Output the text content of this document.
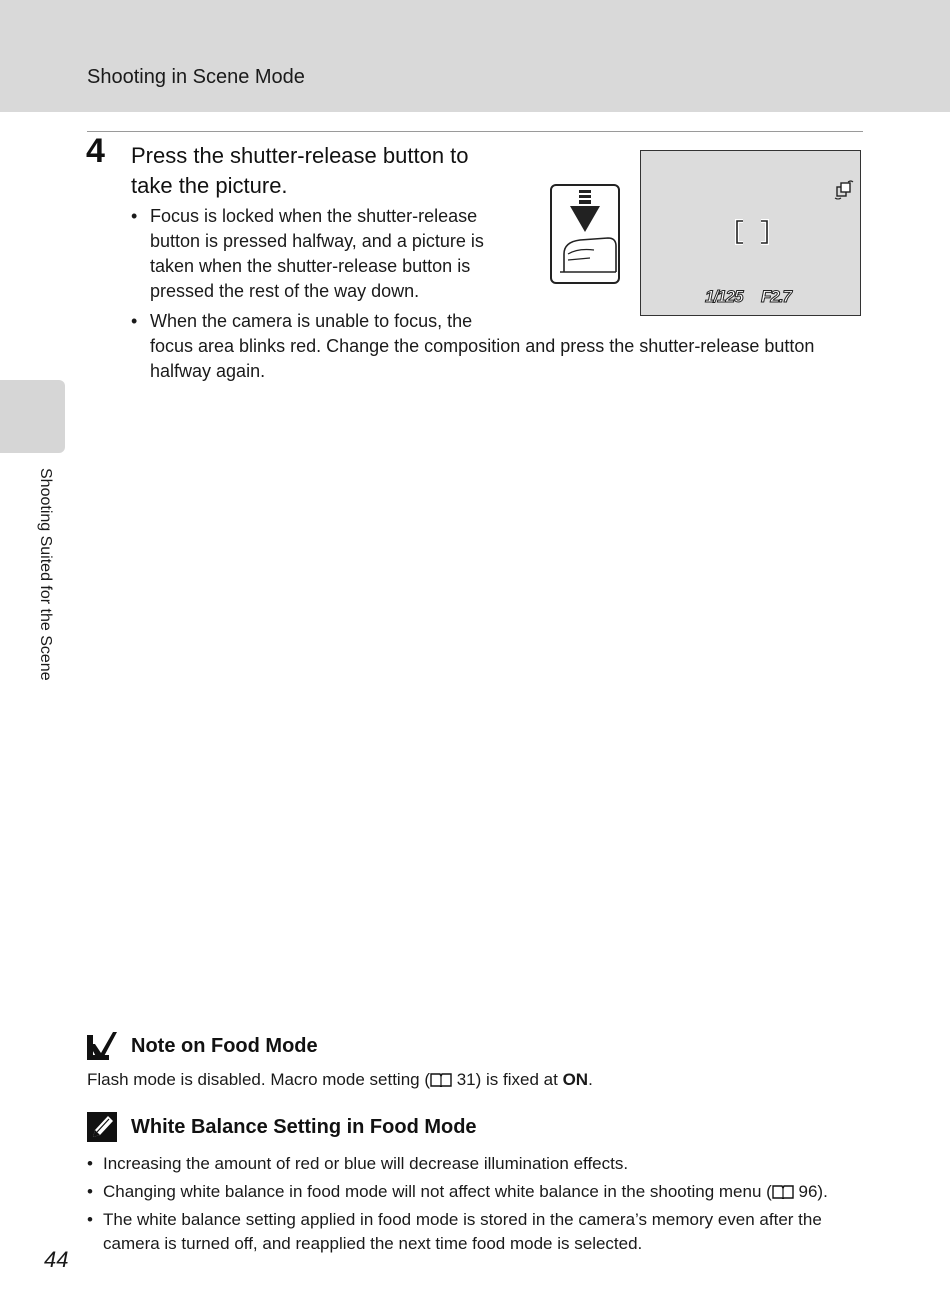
Shooting in Scene Mode
Shooting Suited for the Scene
4 Press the shutter-release button to
take the picture.
• Focus is locked when the shutter-release
button is pressed halfway, and a picture is
taken when the shutter-release button is
pressed the rest of the way down.
• When the camera is unable to focus, the
focus area blinks red. Change the composition and press the shutter-release button
halfway again.
1/125 F2.7
Note on Food Mode
Flash mode is disabled. Macro mode setting ( 31) is fixed at ON.
White Balance Setting in Food Mode
• Increasing the amount of red or blue will decrease illumination effects.
• Changing white balance in food mode will not affect white balance in the shooting menu ( 96).
• The white balance setting applied in food mode is stored in the camera’s memory even after the
camera is turned off, and reapplied the next time food mode is selected.
44
